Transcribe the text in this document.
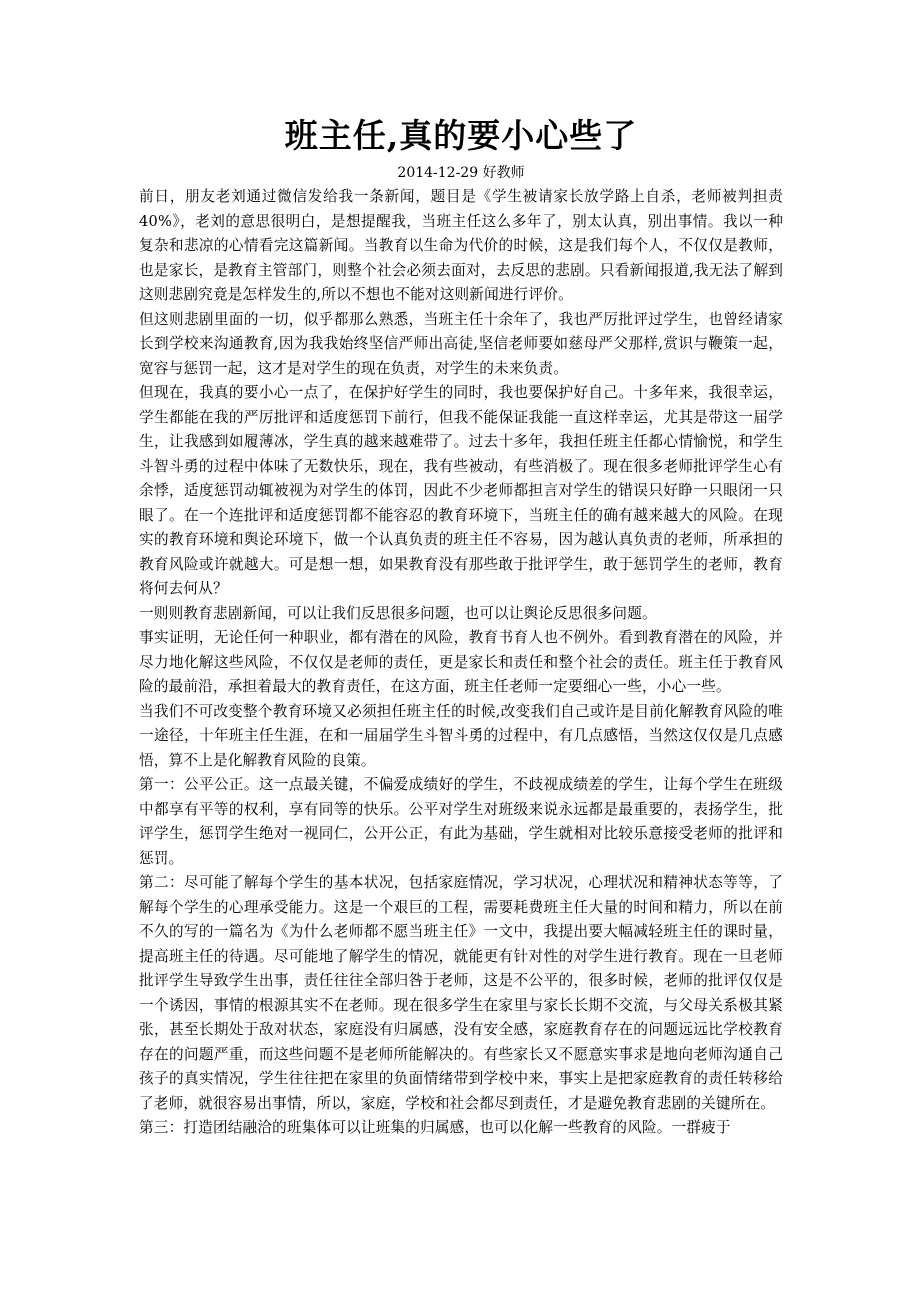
班主任,真的要小心些了
2014-12-29 好教师

前日，朋友老刘通过微信发给我一条新闻，题目是《学生被请家长放学路上自杀，老师被判担责40%》，老刘的意思很明白，是想提醒我，当班主任这么多年了，别太认真，别出事情。我以一种复杂和悲凉的心情看完这篇新闻。当教育以生命为代价的时候，这是我们每个人，不仅仅是教师，也是家长，是教育主管部门，则整个社会必须去面对，去反思的悲剧。只看新闻报道,我无法了解到这则悲剧究竟是怎样发生的,所以不想也不能对这则新闻进行评价。

但这则悲剧里面的一切，似乎都那么熟悉，当班主任十余年了，我也严厉批评过学生，也曾经请家长到学校来沟通教育,因为我我始终坚信严师出高徒,坚信老师要如慈母严父那样,赏识与鞭策一起，宽容与惩罚一起，这才是对学生的现在负责，对学生的未来负责。

但现在，我真的要小心一点了，在保护好学生的同时，我也要保护好自己。十多年来，我很幸运，学生都能在我的严厉批评和适度惩罚下前行，但我不能保证我能一直这样幸运，尤其是带这一届学生，让我感到如履薄冰，学生真的越来越难带了。过去十多年，我担任班主任都心情愉悦，和学生斗智斗勇的过程中体味了无数快乐，现在，我有些被动，有些消极了。现在很多老师批评学生心有余悸，适度惩罚动辄被视为对学生的体罚，因此不少老师都担言对学生的错误只好睁一只眼闭一只眼了。在一个连批评和适度惩罚都不能容忍的教育环境下，当班主任的确有越来越大的风险。在现实的教育环境和舆论环境下，做一个认真负责的班主任不容易，因为越认真负责的老师，所承担的教育风险或许就越大。可是想一想，如果教育没有那些敢于批评学生，敢于惩罚学生的老师，教育将何去何从？

一则则教育悲剧新闻，可以让我们反思很多问题，也可以让舆论反思很多问题。

事实证明，无论任何一种职业，都有潜在的风险，教育书育人也不例外。看到教育潜在的风险，并尽力地化解这些风险，不仅仅是老师的责任，更是家长和责任和整个社会的责任。班主任于教育风险的最前沿，承担着最大的教育责任，在这方面，班主任老师一定要细心一些，小心一些。

当我们不可改变整个教育环境又必须担任班主任的时候,改变我们自己或许是目前化解教育风险的唯一途径，十年班主任生涯，在和一届届学生斗智斗勇的过程中，有几点感悟，当然这仅仅是几点感悟，算不上是化解教育风险的良策。

第一：公平公正。这一点最关键，不偏爱成绩好的学生，不歧视成绩差的学生，让每个学生在班级中都享有平等的权利，享有同等的快乐。公平对学生对班级来说永远都是最重要的，表扬学生，批评学生，惩罚学生绝对一视同仁，公开公正，有此为基础，学生就相对比较乐意接受老师的批评和惩罚。

第二：尽可能了解每个学生的基本状况，包括家庭情况，学习状况，心理状况和精神状态等等，了解每个学生的心理承受能力。这是一个艰巨的工程，需要耗费班主任大量的时间和精力，所以在前不久的写的一篇名为《为什么老师都不愿当班主任》一文中，我提出要大幅减轻班主任的课时量，提高班主任的待遇。尽可能地了解学生的情况，就能更有针对性的对学生进行教育。现在一旦老师批评学生导致学生出事，责任往往全部归咎于老师，这是不公平的，很多时候，老师的批评仅仅是一个诱因，事情的根源其实不在老师。现在很多学生在家里与家长长期不交流，与父母关系极其紧张，甚至长期处于敌对状态，家庭没有归属感，没有安全感，家庭教育存在的问题远远比学校教育存在的问题严重，而这些问题不是老师所能解决的。有些家长又不愿意实事求是地向老师沟通自己孩子的真实情况，学生往往把在家里的负面情绪带到学校中来，事实上是把家庭教育的责任转移给了老师，就很容易出事情，所以，家庭，学校和社会都尽到责任，才是避免教育悲剧的关键所在。

第三：打造团结融洽的班集体可以让班集的归属感，也可以化解一些教育的风险。一群疲于
